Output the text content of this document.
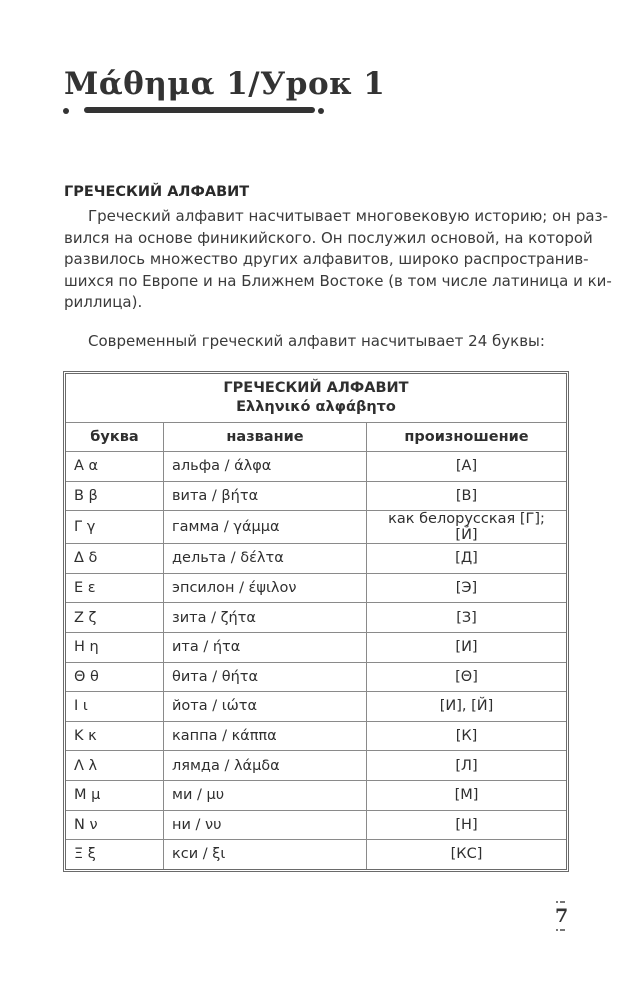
Μάθημα 1/Урок 1
ГРЕЧЕСКИЙ АЛФАВИТ
Греческий алфавит насчитывает многовековую историю; он раз-
вился на основе финикийского. Он послужил основой, на которой
развилось множество других алфавитов, широко распространив-
шихся по Европе и на Ближнем Востоке (в том числе латиница и ки-
риллица).
Современный греческий алфавит насчитывает 24 буквы:
ГРЕЧЕСКИЙ АЛФАВИТ
Ελληνικό αλφάβητο		

буква	название	произношение
Α α	альфа / άλφα	[А]
Β β	вита / βήτα	[В]
Γ γ	гамма / γάμμα	как белорусская [Г]; [Й]
Δ δ	дельта / δέλτα	[Д]
Ε ε	эпсилон / έψιλον	[Э]
Ζ ζ	зита / ζήτα	[З]
Η η	ита / ήτα	[И]
Θ θ	θита / θήτα	[Θ]
Ι ι	йота / ιώτα	[И], [Й]
Κ κ	каппа / κάππα	[К]
Λ λ	лямда / λάμδα	[Л]
Μ μ	ми / μυ	[М]
Ν ν	ни / νυ	[Н]
Ξ ξ	кси / ξι	[КС]
7
